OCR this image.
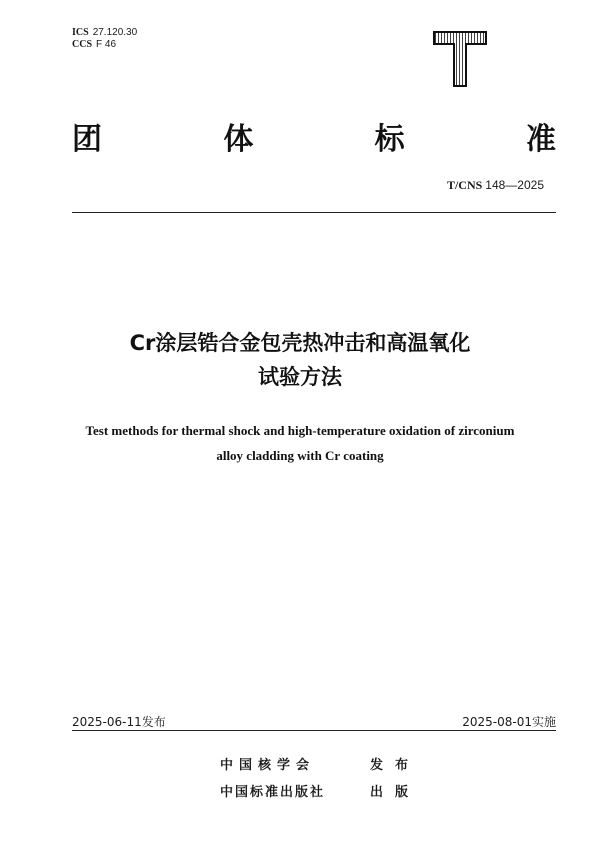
ICS 27.120.30
CCS F 46
团	体	标	准
T/CNS 148—2025
Cr涂层锆合金包壳热冲击和高温氧化
试验方法
Test methods for thermal shock and high-temperature oxidation of zirconium
alloy cladding with Cr coating
2025-06-11发布	2025-08-01实施
中国核学会	发布
中国标准出版社	出版
